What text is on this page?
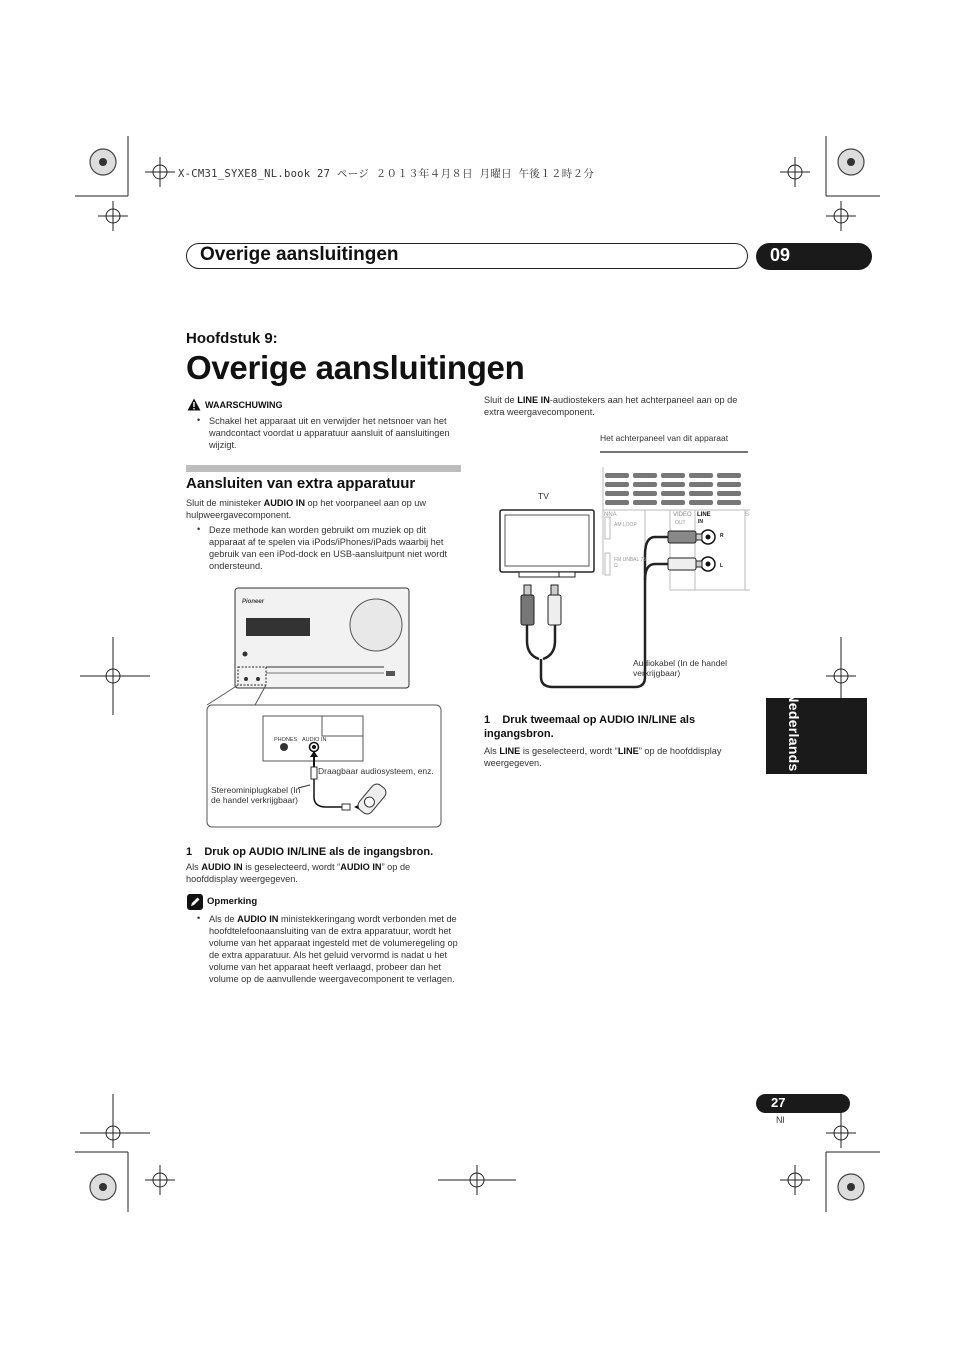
X-CM31_SYXE8_NL.book 27 ページ ２０１３年４月８日 月曜日 午後１２時２分
Overige aansluitingen	09
Hoofdstuk 9:
Overige aansluitingen
WAARSCHUWING
• Schakel het apparaat uit en verwijder het netsnoer van het wandcontact voordat u apparatuur aansluit of aansluitingen wijzigt.
Aansluiten van extra apparatuur
Sluit de ministeker AUDIO IN op het voorpaneel aan op uw hulpweergavecomponent.
• Deze methode kan worden gebruikt om muziek op dit apparaat af te spelen via iPods/iPhones/iPads waarbij het gebruik van een iPod-dock en USB-aansluitpunt niet wordt ondersteund.
Pioneer
PHONES AUDIO IN
Draagbaar audiosysteem, enz.
Stereominiplugkabel (In de handel verkrijgbaar)
1 Druk op AUDIO IN/LINE als de ingangsbron.
Als AUDIO IN is geselecteerd, wordt “AUDIO IN” op de hoofddisplay weergegeven.
Opmerking
• Als de AUDIO IN ministekkeringang wordt verbonden met de hoofdtelefoonaansluiting van de extra apparatuur, wordt het volume van het apparaat ingesteld met de volumeregeling op de extra apparatuur. Als het geluid vervormd is nadat u het volume van het apparaat heeft verlaagd, probeer dan het volume op de aanvullende weergavecomponent te verlagen.
Sluit de LINE IN-audiostekers aan het achterpaneel aan op de extra weergavecomponent.
Het achterpaneel van dit apparaat
TV
NNA
AM LOOP
FM UNBAL 75 Ω
VIDEO
OUT
LINE
IN
R
L
S
Audiokabel (In de handel verkrijgbaar)
1 Druk tweemaal op AUDIO IN/LINE als ingangsbron.
Als LINE is geselecteerd, wordt “LINE” op de hoofddisplay weergegeven.	Nederlands
27
Nl
